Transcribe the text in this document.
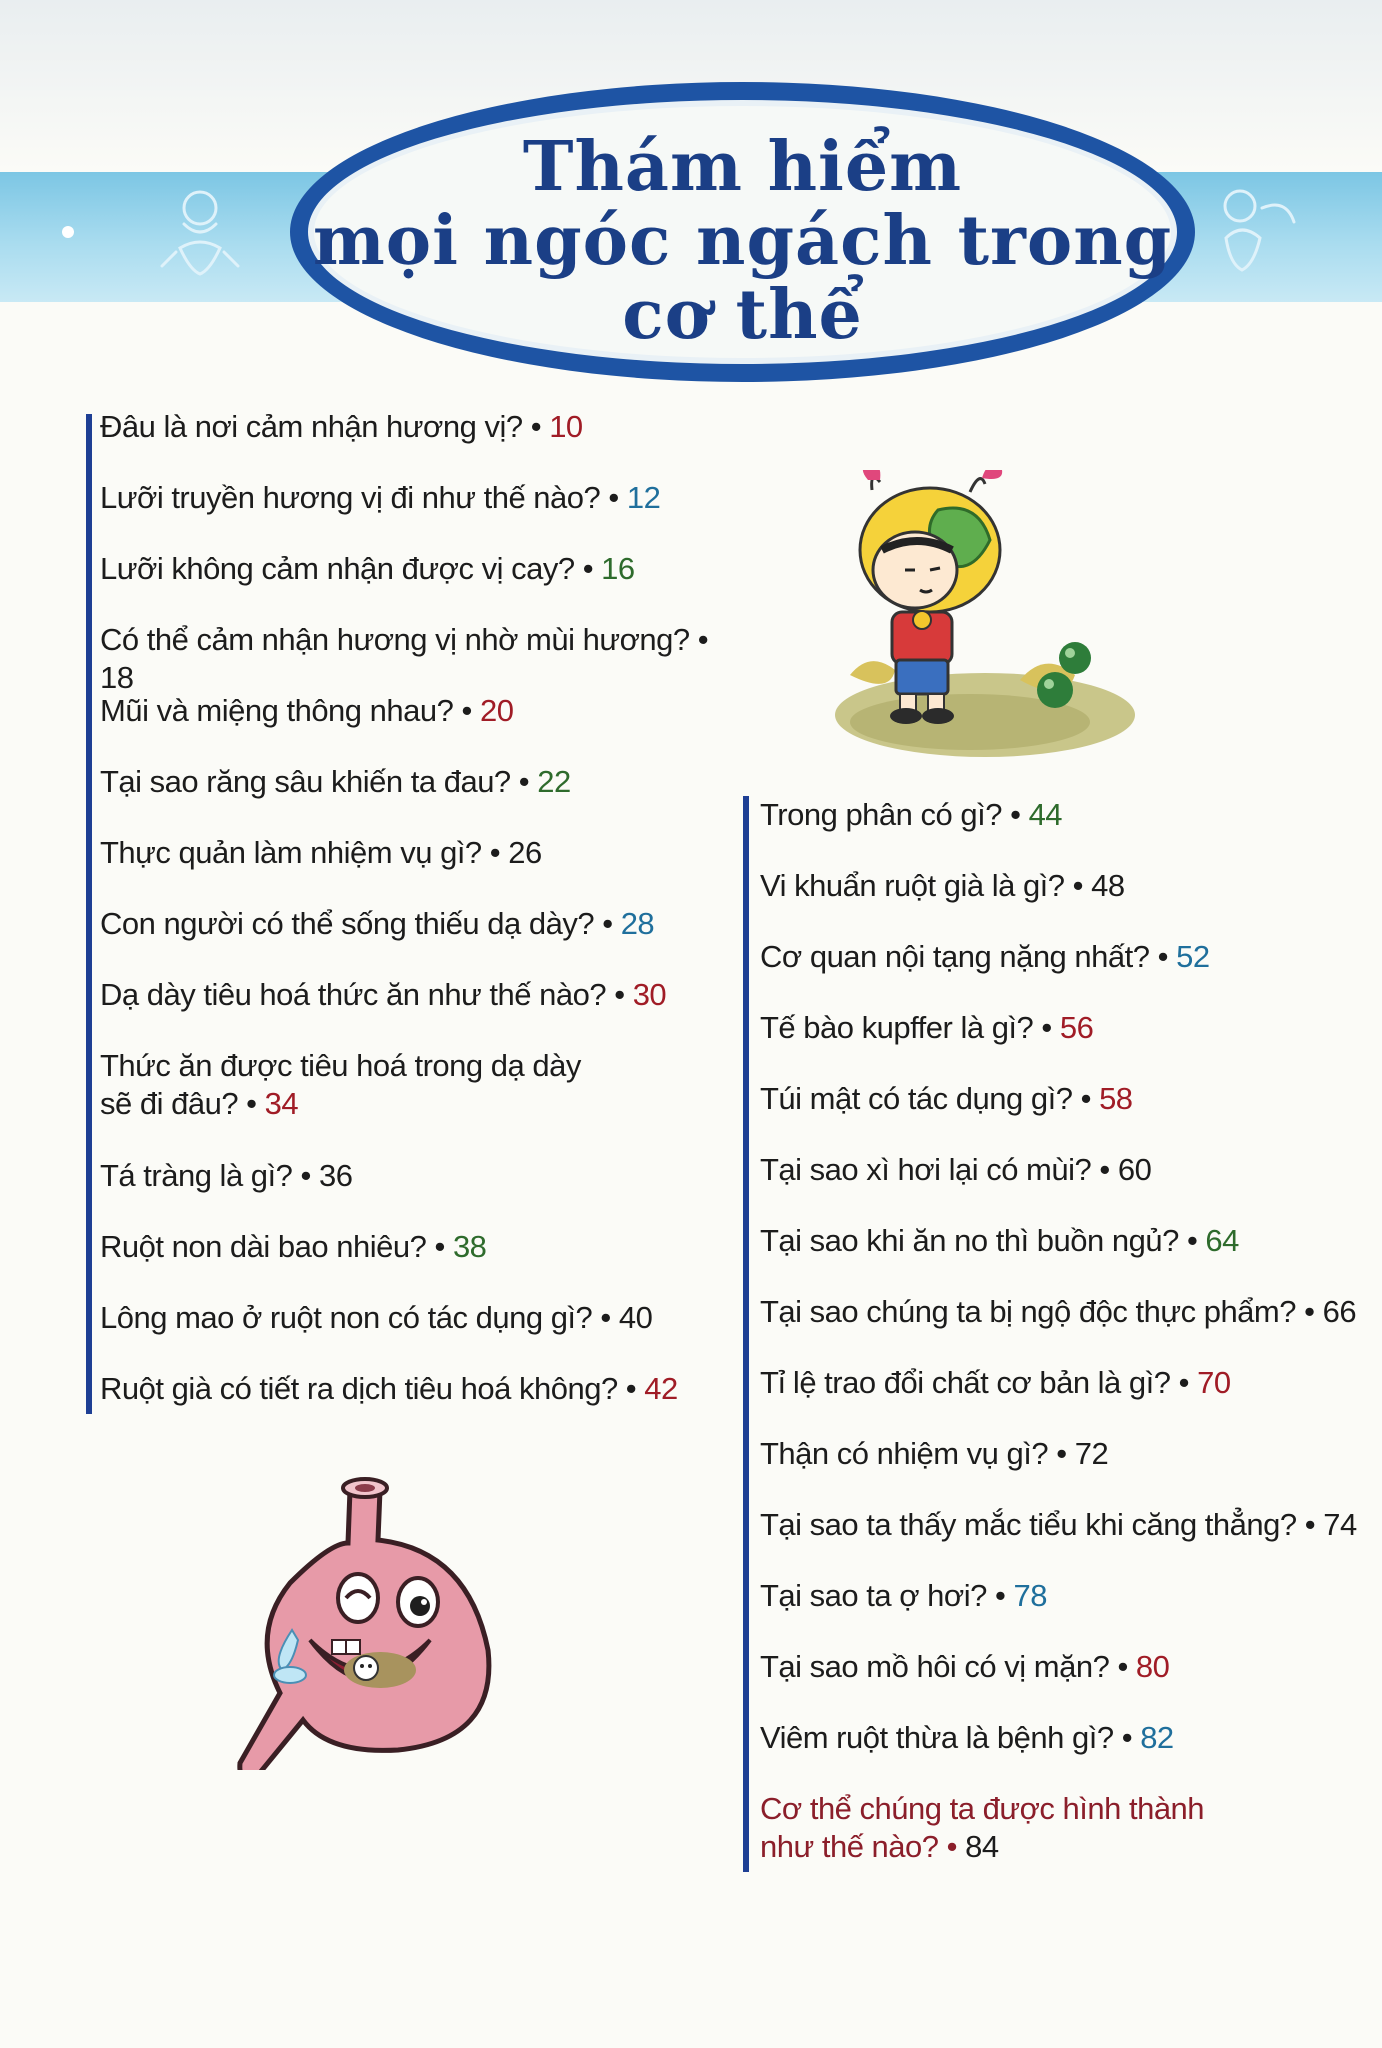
Thám hiểm
mọi ngóc ngách trong
cơ thể
Đâu là nơi cảm nhận hương vị? • 10
Lưỡi truyền hương vị đi như thế nào? • 12
Lưỡi không cảm nhận được vị cay? • 16
Có thể cảm nhận hương vị nhờ mùi hương? • 18
Mũi và miệng thông nhau? • 20
Tại sao răng sâu khiến ta đau? • 22
Thực quản làm nhiệm vụ gì? • 26
Con người có thể sống thiếu dạ dày? • 28
Dạ dày tiêu hoá thức ăn như thế nào? • 30
Thức ăn được tiêu hoá trong dạ dày
sẽ đi đâu? • 34
Tá tràng là gì? • 36
Ruột non dài bao nhiêu? • 38
Lông mao ở ruột non có tác dụng gì? • 40
Ruột già có tiết ra dịch tiêu hoá không? • 42
Trong phân có gì? • 44
Vi khuẩn ruột già là gì? • 48
Cơ quan nội tạng nặng nhất? • 52
Tế bào kupffer là gì? • 56
Túi mật có tác dụng gì? • 58
Tại sao xì hơi lại có mùi? • 60
Tại sao khi ăn no thì buồn ngủ? • 64
Tại sao chúng ta bị ngộ độc thực phẩm? • 66
Tỉ lệ trao đổi chất cơ bản là gì? • 70
Thận có nhiệm vụ gì? • 72
Tại sao ta thấy mắc tiểu khi căng thẳng? • 74
Tại sao ta ợ hơi? • 78
Tại sao mồ hôi có vị mặn? • 80
Viêm ruột thừa là bệnh gì? • 82
Cơ thể chúng ta được hình thành
như thế nào? • 84
